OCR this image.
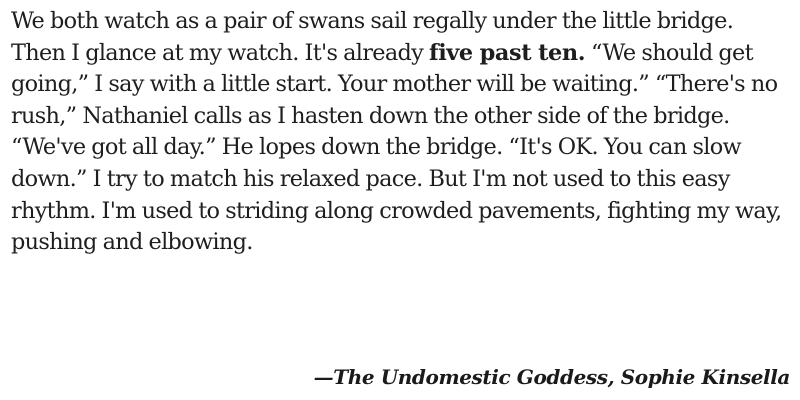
We both watch as a pair of swans sail regally under the little bridge. Then I glance at my watch. It's already five past ten. “We should get going,” I say with a little start. Your mother will be waiting.” “There's no rush,” Nathaniel calls as I hasten down the other side of the bridge. “We've got all day.” He lopes down the bridge. “It's OK. You can slow down.” I try to match his relaxed pace. But I'm not used to this easy rhythm. I'm used to striding along crowded pavements, fighting my way, pushing and elbowing.

—The Undomestic Goddess, Sophie Kinsella
